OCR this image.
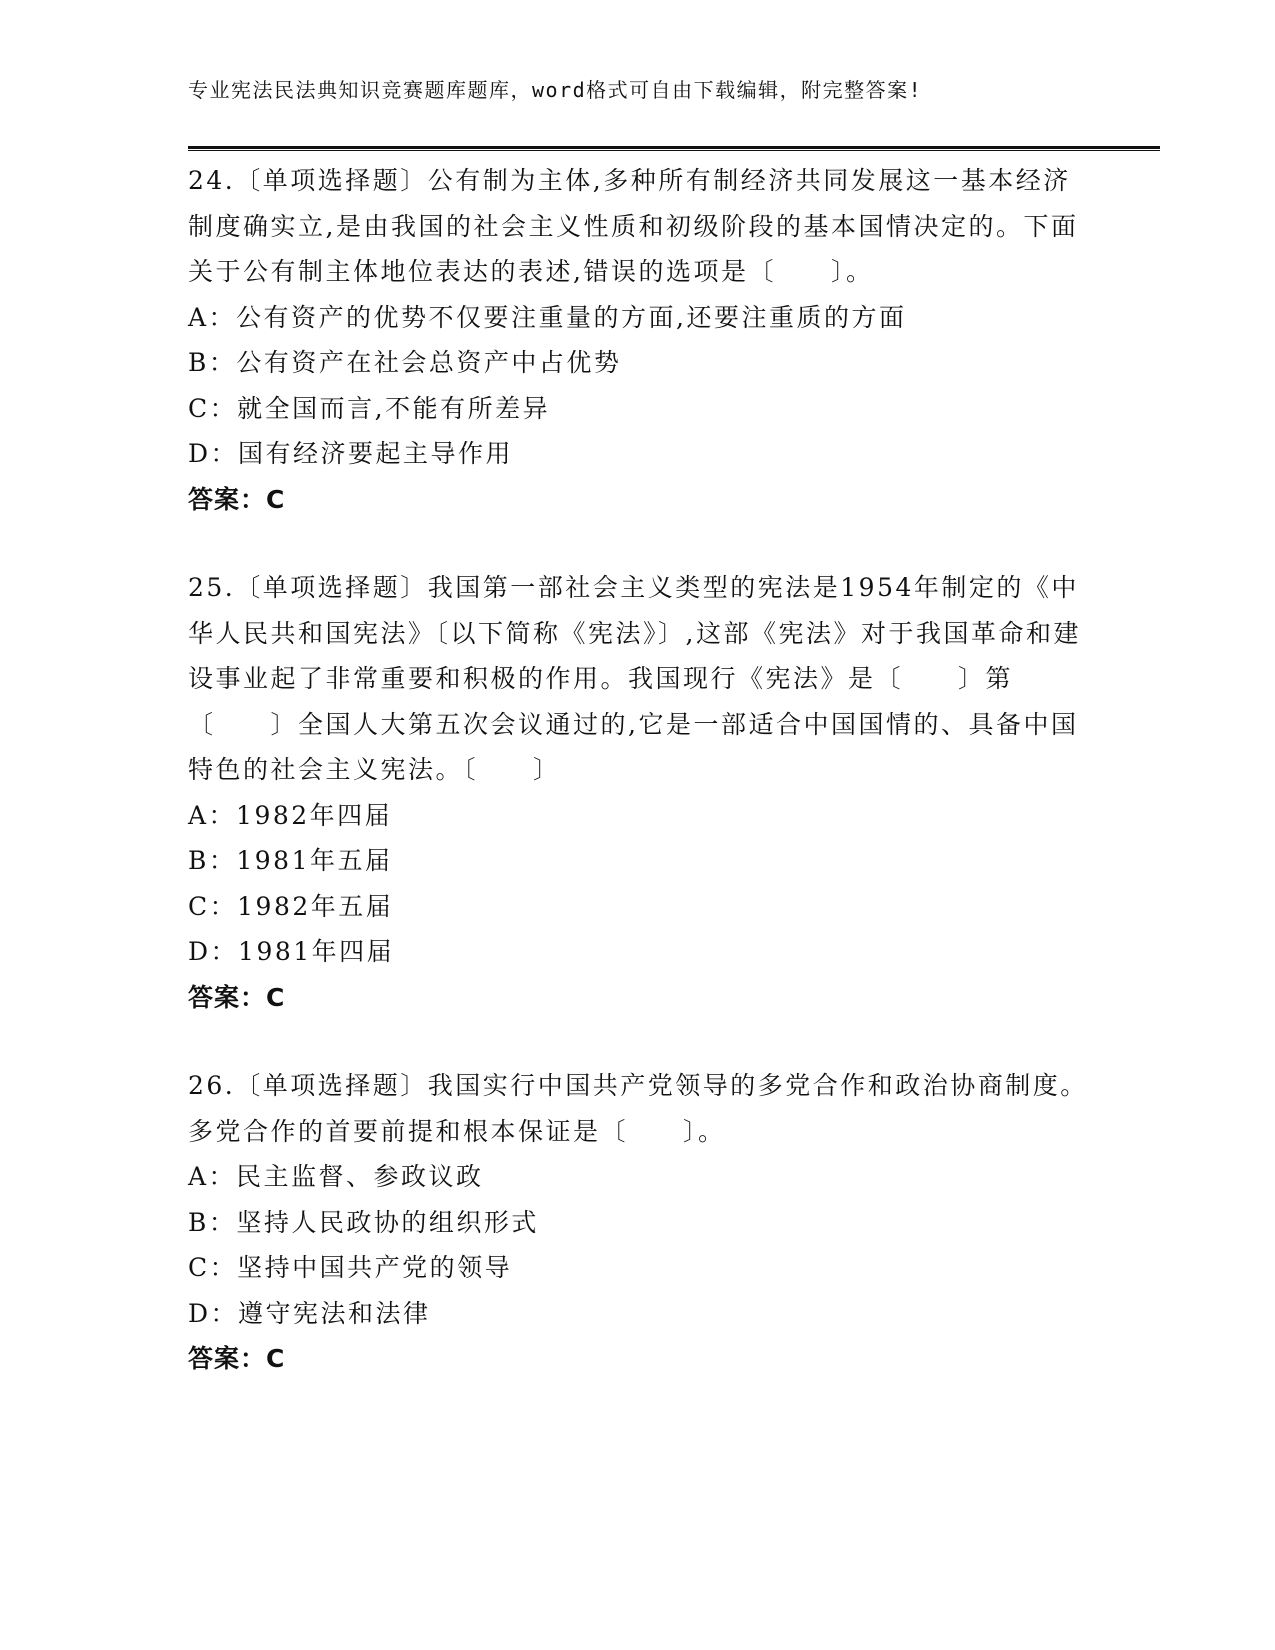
专业宪法民法典知识竞赛题库题库，word格式可自由下载编辑，附完整答案!

24.〔单项选择题〕公有制为主体,多种所有制经济共同发展这一基本经济制度确实立,是由我国的社会主义性质和初级阶段的基本国情决定的。下面关于公有制主体地位表达的表述,错误的选项是〔　　〕。

A：公有资产的优势不仅要注重量的方面,还要注重质的方面

B：公有资产在社会总资产中占优势

C：就全国而言,不能有所差异

D：国有经济要起主导作用

答案：C

25.〔单项选择题〕我国第一部社会主义类型的宪法是1954年制定的《中华人民共和国宪法》〔以下简称《宪法》〕,这部《宪法》对于我国革命和建设事业起了非常重要和积极的作用。我国现行《宪法》是〔　　〕第〔　　〕全国人大第五次会议通过的,它是一部适合中国国情的、具备中国特色的社会主义宪法。〔　　〕

A：1982年四届

B：1981年五届

C：1982年五届

D：1981年四届

答案：C

26.〔单项选择题〕我国实行中国共产党领导的多党合作和政治协商制度。多党合作的首要前提和根本保证是〔　　〕。

A：民主监督、参政议政

B：坚持人民政协的组织形式

C：坚持中国共产党的领导

D：遵守宪法和法律

答案：C
